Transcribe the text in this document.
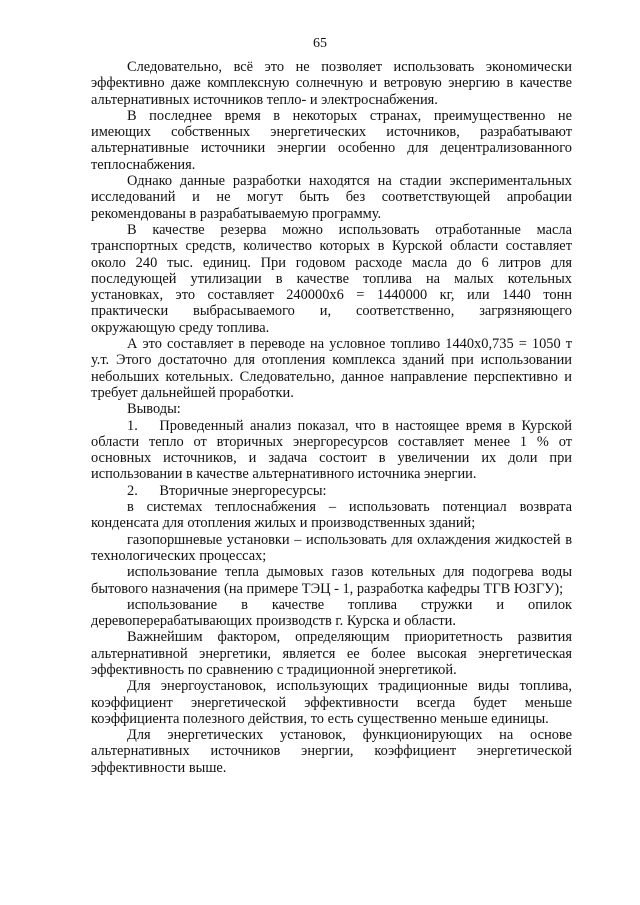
65

Следовательно, всё это не позволяет использовать экономически эффективно даже комплексную солнечную и ветровую энергию в качестве альтернативных источников тепло- и электроснабжения.

В последнее время в некоторых странах, преимущественно не имеющих собственных энергетических источников, разрабатывают альтернативные источники энергии особенно для децентрализованного теплоснабжения.

Однако данные разработки находятся на стадии экспериментальных исследований и не могут быть без соответствующей апробации рекомендованы в разрабатываемую программу.

В качестве резерва можно использовать отработанные масла транспортных средств, количество которых в Курской области составляет около 240 тыс. единиц. При годовом расходе масла до 6 литров для последующей утилизации в качестве топлива на малых котельных установках, это составляет 240000х6 = 1440000 кг, или 1440 тонн практически выбрасываемого и, соответственно, загрязняющего окружающую среду топлива.

А это составляет в переводе на условное топливо 1440х0,735 = 1050 т у.т. Этого достаточно для отопления комплекса зданий при использовании небольших котельных. Следовательно, данное направление перспективно и требует дальнейшей проработки.

Выводы:

1.  Проведенный анализ показал, что в настоящее время в Курской области тепло от вторичных энергоресурсов составляет менее 1 % от основных источников, и задача состоит в увеличении их доли при использовании в качестве альтернативного источника энергии.

2.  Вторичные энергоресурсы:

в системах теплоснабжения – использовать потенциал возврата конденсата для отопления жилых и производственных зданий;

газопоршневые установки – использовать для охлаждения жидкостей в технологических процессах;

использование тепла дымовых газов котельных для подогрева воды бытового назначения (на примере ТЭЦ - 1, разработка кафедры ТГВ ЮЗГУ);

использование в качестве топлива стружки и опилок деревоперерабатывающих производств г. Курска и области.

Важнейшим фактором, определяющим приоритетность развития альтернативной энергетики, является ее более высокая энергетическая эффективность по сравнению с традиционной энергетикой.

Для энергоустановок, использующих традиционные виды топлива, коэффициент энергетической эффективности всегда будет меньше коэффициента полезного действия, то есть существенно меньше единицы.

Для энергетических установок, функционирующих на основе альтернативных источников энергии, коэффициент энергетической эффективности выше.
